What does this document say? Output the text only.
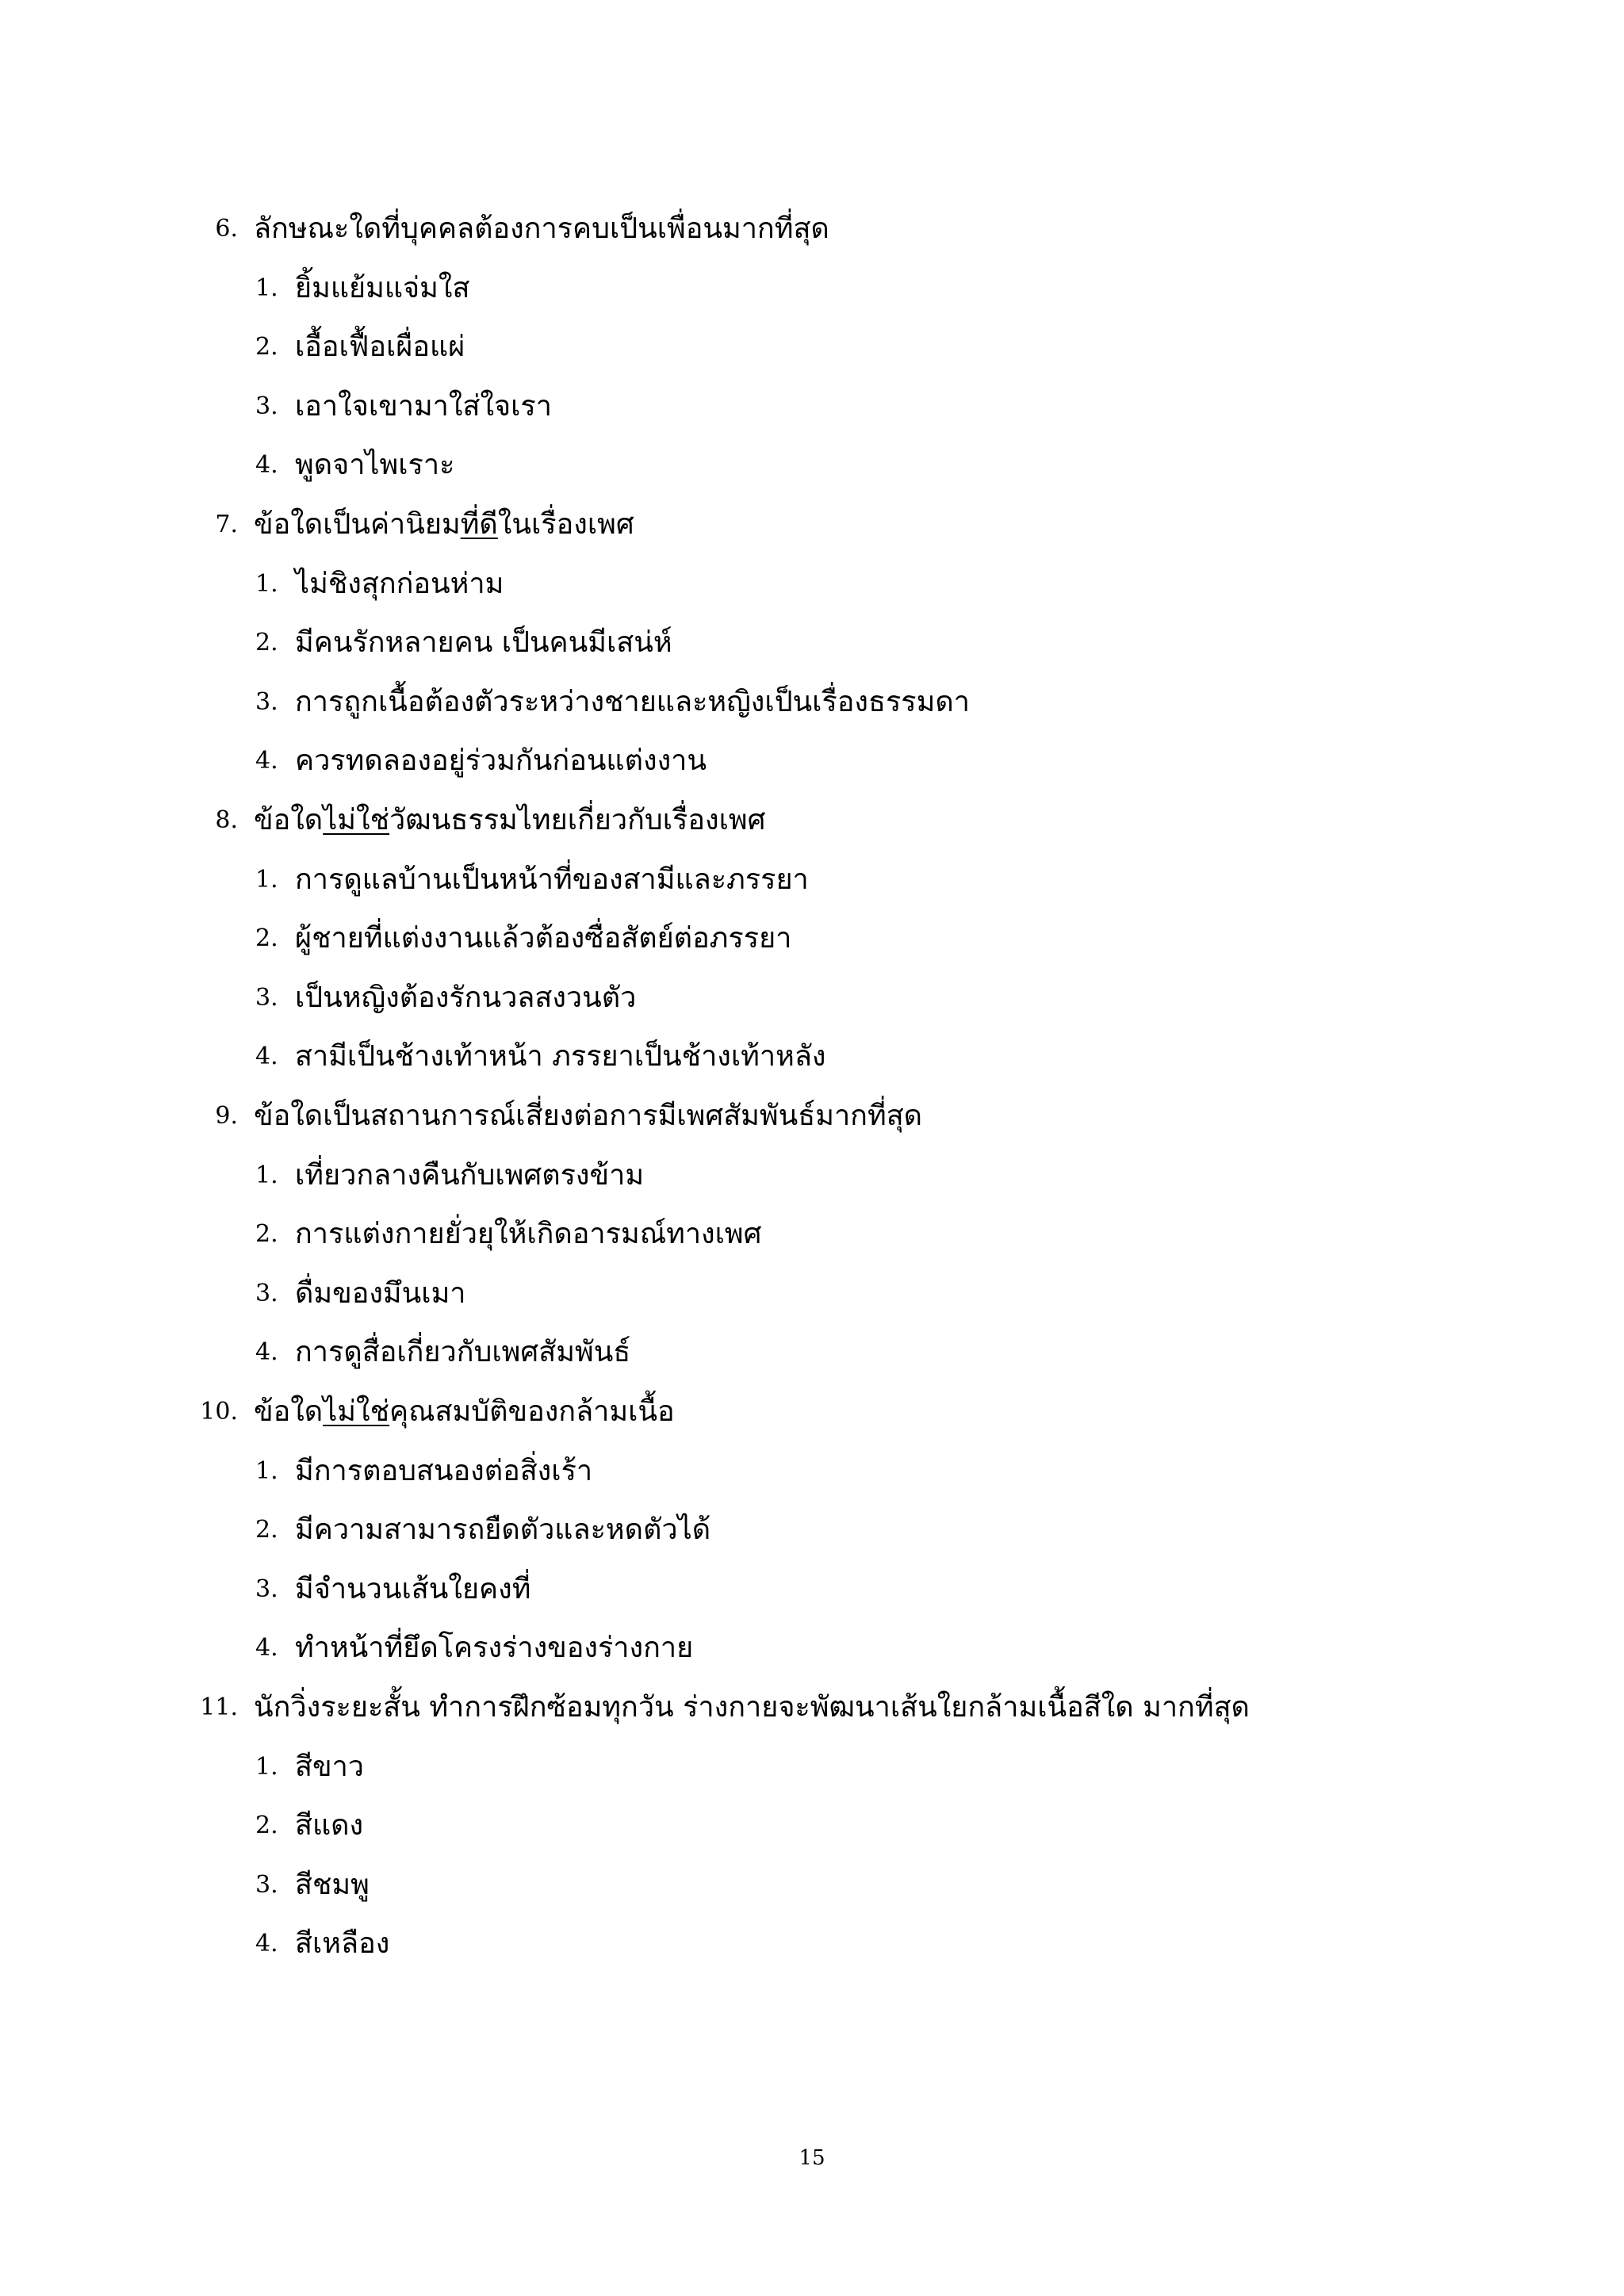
6. ลักษณะใดที่บุคคลต้องการคบเป็นเพื่อนมากที่สุด
1. ยิ้มแย้มแจ่มใส
2. เอื้อเฟื้อเผื่อแผ่
3. เอาใจเขามาใส่ใจเรา
4. พูดจาไพเราะ
7. ข้อใดเป็นค่านิยมที่ดีในเรื่องเพศ
1. ไม่ชิงสุกก่อนห่าม
2. มีคนรักหลายคน เป็นคนมีเสน่ห์
3. การถูกเนื้อต้องตัวระหว่างชายและหญิงเป็นเรื่องธรรมดา
4. ควรทดลองอยู่ร่วมกันก่อนแต่งงาน
8. ข้อใดไม่ใช่วัฒนธรรมไทยเกี่ยวกับเรื่องเพศ
1. การดูแลบ้านเป็นหน้าที่ของสามีและภรรยา
2. ผู้ชายที่แต่งงานแล้วต้องซื่อสัตย์ต่อภรรยา
3. เป็นหญิงต้องรักนวลสงวนตัว
4. สามีเป็นช้างเท้าหน้า ภรรยาเป็นช้างเท้าหลัง
9. ข้อใดเป็นสถานการณ์เสี่ยงต่อการมีเพศสัมพันธ์มากที่สุด
1. เที่ยวกลางคืนกับเพศตรงข้าม
2. การแต่งกายยั่วยุให้เกิดอารมณ์ทางเพศ
3. ดื่มของมึนเมา
4. การดูสื่อเกี่ยวกับเพศสัมพันธ์
10. ข้อใดไม่ใช่คุณสมบัติของกล้ามเนื้อ
1. มีการตอบสนองต่อสิ่งเร้า
2. มีความสามารถยืดตัวและหดตัวได้
3. มีจำนวนเส้นใยคงที่
4. ทำหน้าที่ยึดโครงร่างของร่างกาย
11. นักวิ่งระยะสั้น ทำการฝึกซ้อมทุกวัน ร่างกายจะพัฒนาเส้นใยกล้ามเนื้อสีใด มากที่สุด
1. สีขาว
2. สีแดง
3. สีชมพู
4. สีเหลือง
15
